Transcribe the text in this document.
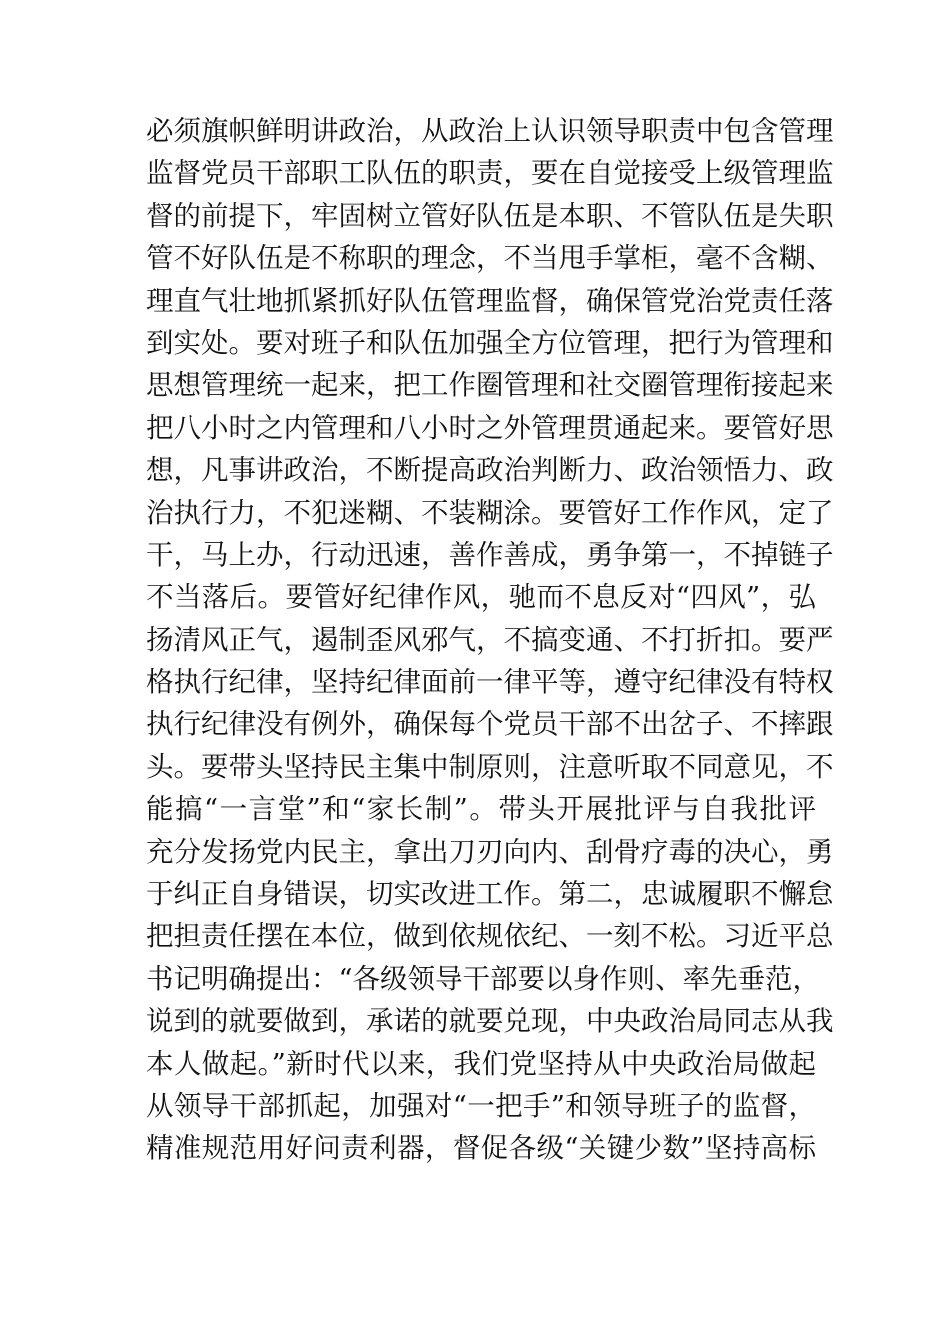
必须旗帜鲜明讲政治，从政治上认识领导职责中包含管理
监督党员干部职工队伍的职责，要在自觉接受上级管理监
督的前提下，牢固树立管好队伍是本职、不管队伍是失职
管不好队伍是不称职的理念，不当甩手掌柜，毫不含糊、
理直气壮地抓紧抓好队伍管理监督，确保管党治党责任落
到实处。要对班子和队伍加强全方位管理，把行为管理和
思想管理统一起来，把工作圈管理和社交圈管理衔接起来
把八小时之内管理和八小时之外管理贯通起来。要管好思
想，凡事讲政治，不断提高政治判断力、政治领悟力、政
治执行力，不犯迷糊、不装糊涂。要管好工作作风，定了
干，马上办，行动迅速，善作善成，勇争第一，不掉链子
不当落后。要管好纪律作风，驰而不息反对“四风”，弘
扬清风正气，遏制歪风邪气，不搞变通、不打折扣。要严
格执行纪律，坚持纪律面前一律平等，遵守纪律没有特权
执行纪律没有例外，确保每个党员干部不出岔子、不摔跟
头。要带头坚持民主集中制原则，注意听取不同意见，不
能搞“一言堂”和“家长制”。带头开展批评与自我批评
充分发扬党内民主，拿出刀刃向内、刮骨疗毒的决心，勇
于纠正自身错误，切实改进工作。第二，忠诚履职不懈怠
把担责任摆在本位，做到依规依纪、一刻不松。习近平总
书记明确提出：“各级领导干部要以身作则、率先垂范，
说到的就要做到，承诺的就要兑现，中央政治局同志从我
本人做起。”新时代以来，我们党坚持从中央政治局做起
从领导干部抓起，加强对“一把手”和领导班子的监督，
精准规范用好问责利器，督促各级“关键少数”坚持高标
